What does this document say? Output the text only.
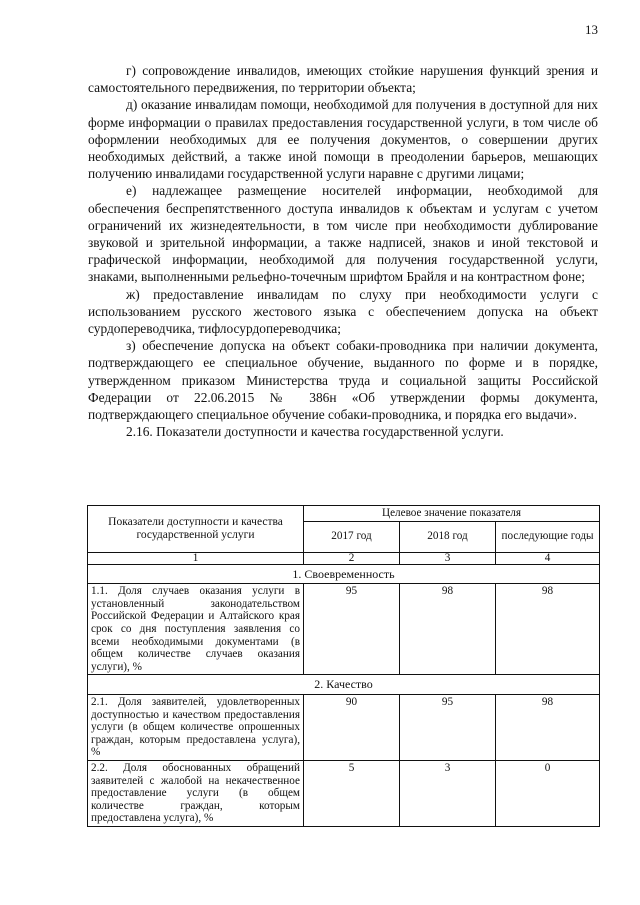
13

г) сопровождение инвалидов, имеющих стойкие нарушения функций зрения и самостоятельного передвижения, по территории объекта;

д) оказание инвалидам помощи, необходимой для получения в доступной для них форме информации о правилах предоставления государственной услуги, в том числе об оформлении необходимых для ее получения документов, о совершении других необходимых действий, а также иной помощи в преодолении барьеров, мешающих получению инвалидами государственной услуги наравне с другими лицами;

е) надлежащее размещение носителей информации, необходимой для обеспечения беспрепятственного доступа инвалидов к объектам и услугам с учетом ограничений их жизнедеятельности, в том числе при необходимости дублирование звуковой и зрительной информации, а также надписей, знаков и иной текстовой и графической информации, необходимой для получения государственной услуги, знаками, выполненными рельефно-точечным шрифтом Брайля и на контрастном фоне;

ж) предоставление инвалидам по слуху при необходимости услуги с использованием русского жестового языка с обеспечением допуска на объект сурдопереводчика, тифлосурдопереводчика;

з) обеспечение допуска на объект собаки-проводника при наличии документа, подтверждающего ее специальное обучение, выданного по форме и в порядке, утвержденном приказом Министерства труда и социальной защиты Российской Федерации от 22.06.2015 № 386н «Об утверждении формы документа, подтверждающего специальное обучение собаки-проводника, и порядка его выдачи».

2.16. Показатели доступности и качества государственной услуги.

Показатели доступности и качества государственной услуги	Целевое значение показателя		
	2017 год	2018 год	последующие годы
1	2	3	4
1. Своевременность			
1.1. Доля случаев оказания услуги в установленный законодательством Российской Федерации и Алтайского края срок со дня поступления заявления со всеми необходимыми документами (в общем количестве случаев оказания услуги), %	95	98	98
2. Качество			
2.1. Доля заявителей, удовлетворенных доступностью и качеством предоставления услуги (в общем количестве опрошенных граждан, которым предоставлена услуга), %	90	95	98
2.2. Доля обоснованных обращений заявителей с жалобой на некачественное предоставление услуги (в общем количестве граждан, которым предоставлена услуга), %	5	3	0
